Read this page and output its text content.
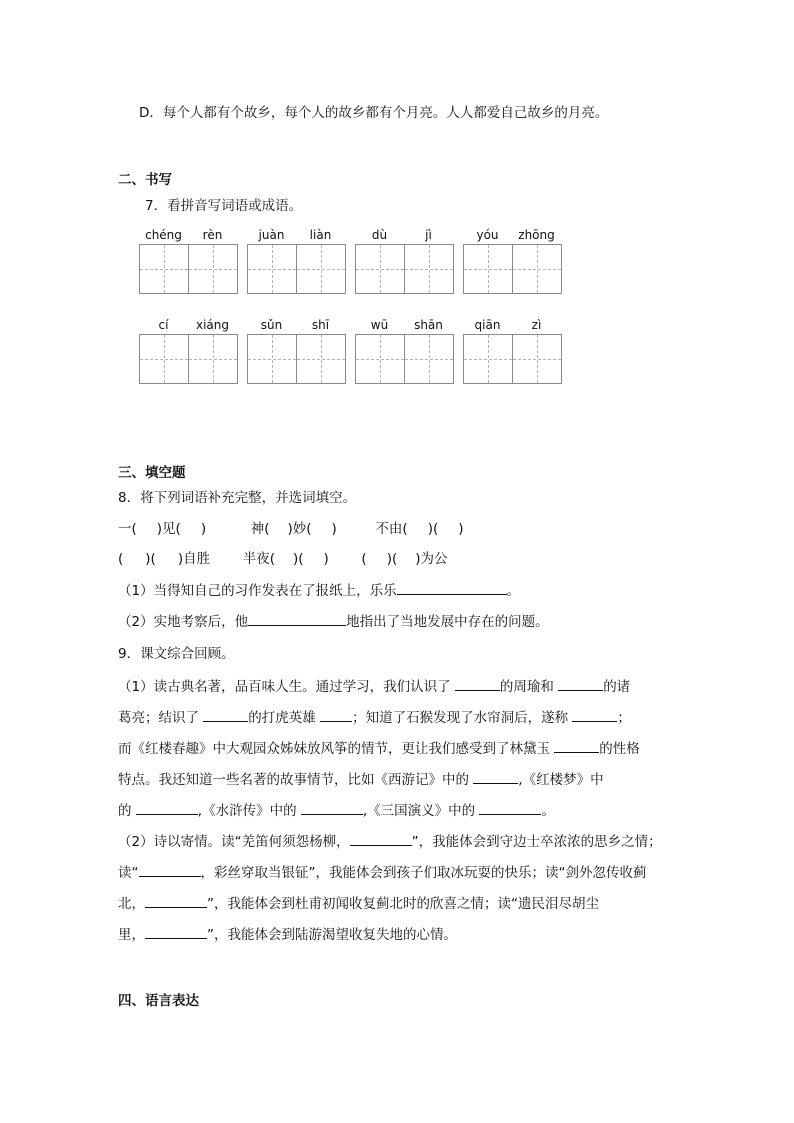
D．每个人都有个故乡，每个人的故乡都有个月亮。人人都爱自己故乡的月亮。
二、书写
7．看拼音写词语或成语。
chéng	rèn	juàn	liàn	dù	jì	yóu	zhōng
cí	xiáng	sǔn	shī	wū	shān	qiān	zì
三、填空题
8．将下列词语补充完整，并选词填空。
一( )见( )	神( )妙( )	不由( )( )
( )( )自胜 半夜( )( ) ( )( )为公
（1）当得知自己的习作发表在了报纸上，乐乐	。
（2）实地考察后，他	地指出了当地发展中存在的问题。
9．课文综合回顾。
（1）读古典名著，品百味人生。通过学习，我们认识了	的周瑜和	的诸
葛亮；结识了	的打虎英雄	；知道了石猴发现了水帘洞后，遂称	；
而《红楼春趣》中大观园众姊妹放风筝的情节，更让我们感受到了林黛玉	的性格
特点。我还知道一些名著的故事情节，比如《西游记》中的	,《红楼梦》中
的	,《水浒传》中的	,《三国演义》中的	。
（2）诗以寄情。读“羌笛何须怨杨柳，	”，我能体会到守边士卒浓浓的思乡之情；
读“	，彩丝穿取当银钲”，我能体会到孩子们取冰玩耍的快乐；读“剑外忽传收蓟
北，	”，我能体会到杜甫初闻收复蓟北时的欣喜之情；读“遗民泪尽胡尘
里，	”，我能体会到陆游渴望收复失地的心情。
四、语言表达
